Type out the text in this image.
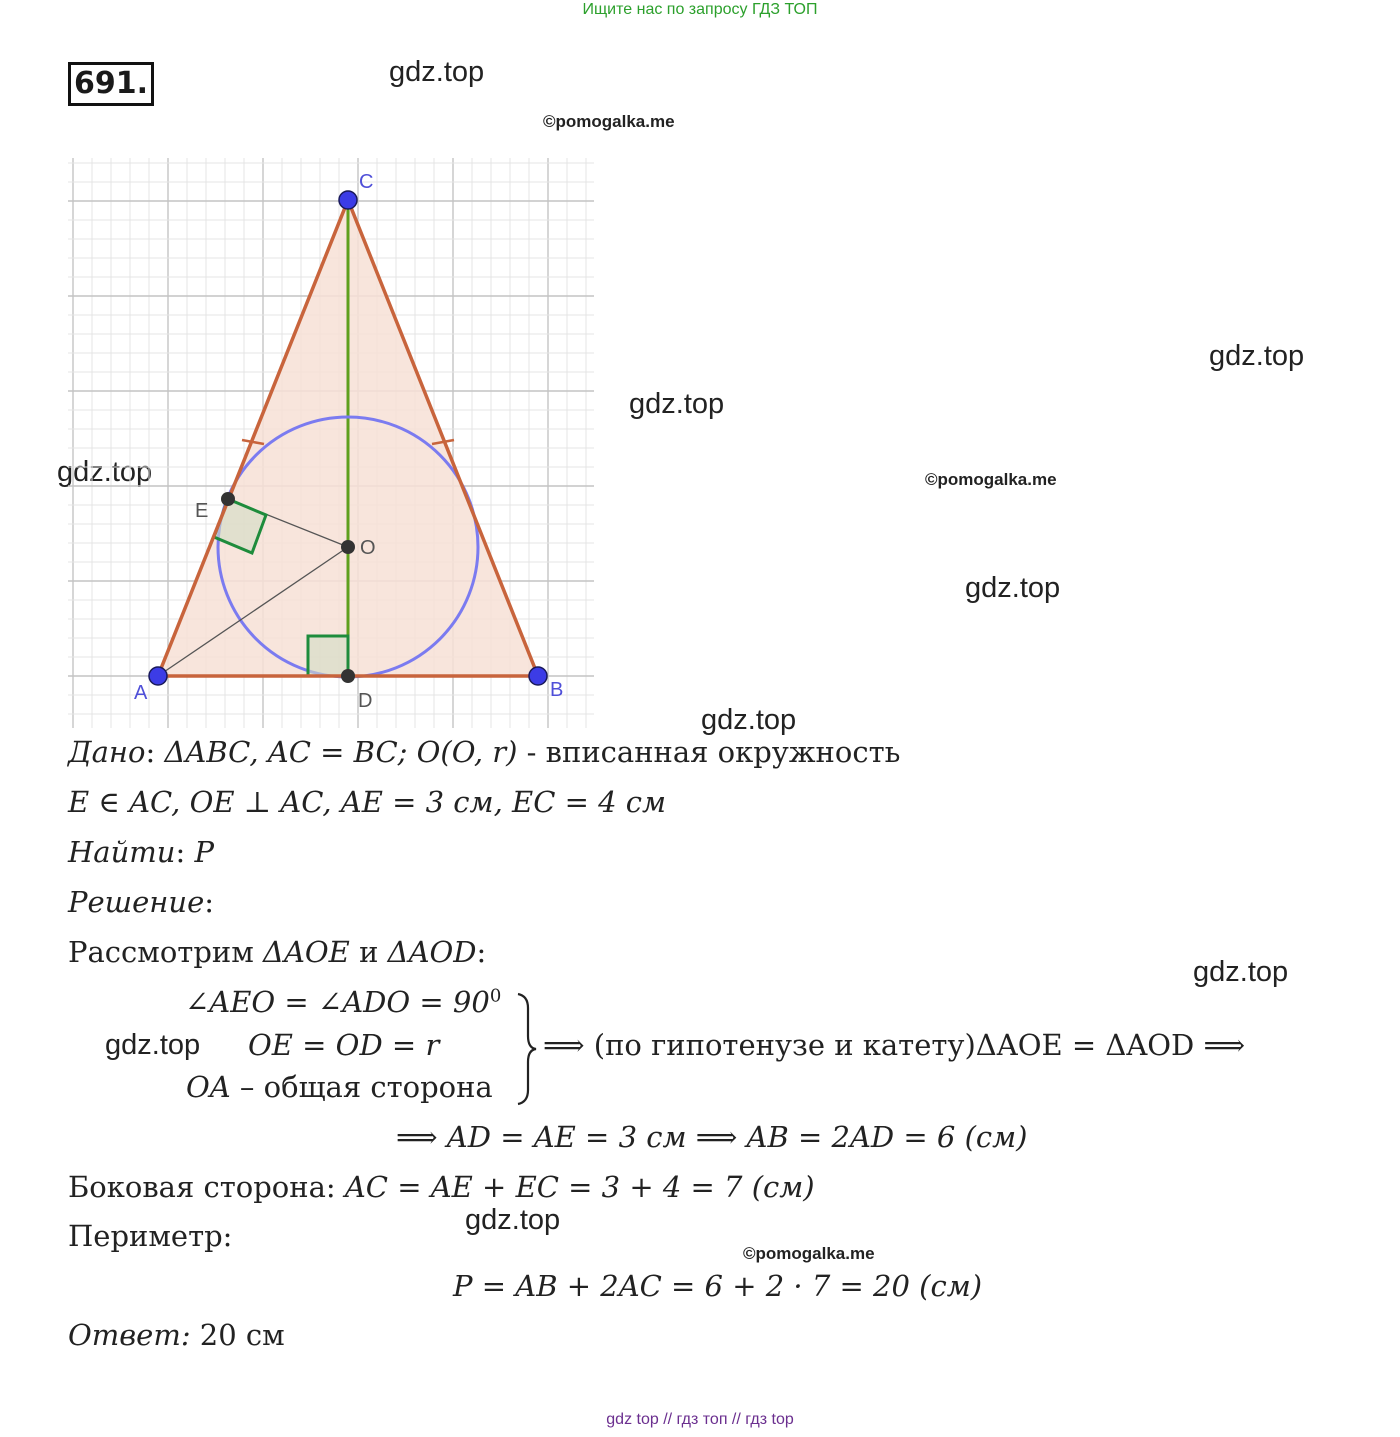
Ищите нас по запросу ГДЗ ТОП
691.	gdz.top
©pomogalka.me
gdz.top
gdz.top
gdz.top	©pomogalka.me
gdz.top
gdz.top
gdz.top
gdz.top
gdz.top
©pomogalka.me
A	B
C
D
E
O
Дано: ΔABC, AC = BC; O(O, r) - вписанная окружность
E ∈ AC, OE ⊥ AC, AE = 3 см, EC = 4 см
Найти: P
Решение:
Рассмотрим ΔAOE и ΔAOD:
∠AEO = ∠ADO = $90^0$
OE = OD = r
OA – общая сторона
⟹ (по гипотенузе и катету)ΔAOE = ΔAOD ⟹
⟹ AD = AE = 3 см ⟹ AB = 2AD = 6 (см)
Боковая сторона: AC = AE + EC = 3 + 4 = 7 (см)
Периметр:
P = AB + 2AC = 6 + 2 · 7 = 20 (см)
Ответ: 20 см
gdz top // гдз топ // гдз top
